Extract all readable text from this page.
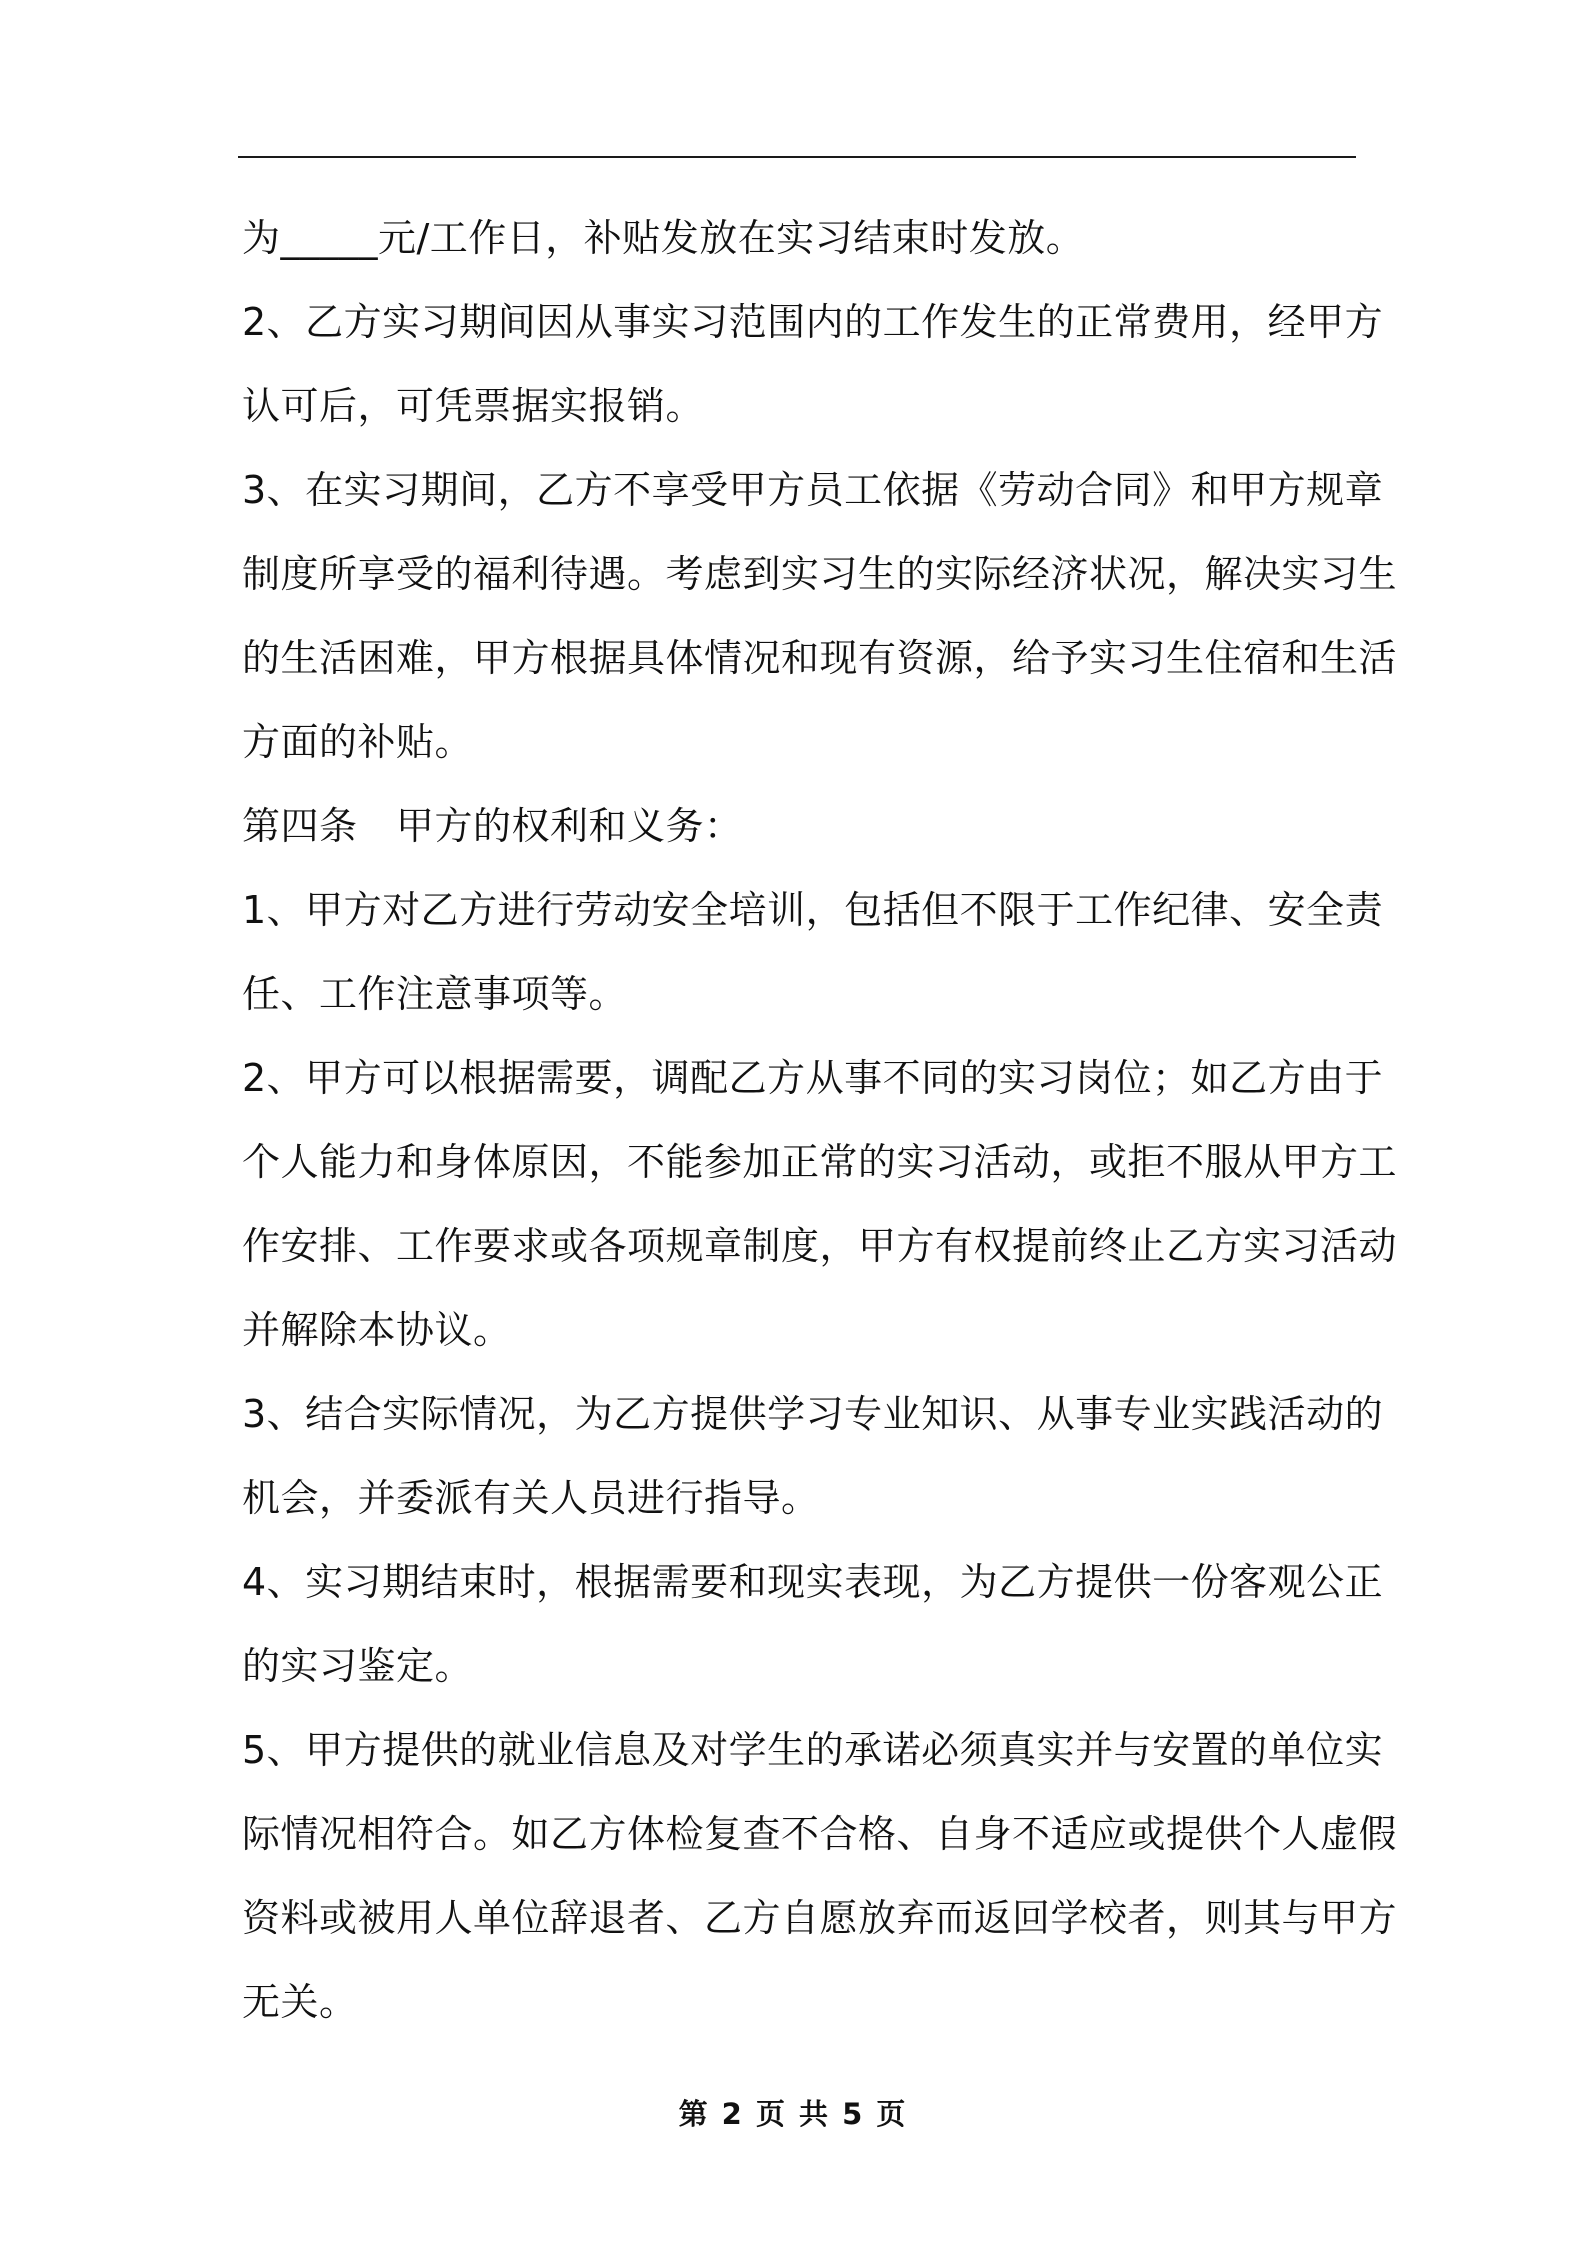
为_____元/工作日，补贴发放在实习结束时发放。
2、乙方实习期间因从事实习范围内的工作发生的正常费用，经甲方
认可后，可凭票据实报销。
3、在实习期间，乙方不享受甲方员工依据《劳动合同》和甲方规章
制度所享受的福利待遇。考虑到实习生的实际经济状况，解决实习生
的生活困难，甲方根据具体情况和现有资源，给予实习生住宿和生活
方面的补贴。
第四条　甲方的权利和义务：
1、甲方对乙方进行劳动安全培训，包括但不限于工作纪律、安全责
任、工作注意事项等。
2、甲方可以根据需要，调配乙方从事不同的实习岗位；如乙方由于
个人能力和身体原因，不能参加正常的实习活动，或拒不服从甲方工
作安排、工作要求或各项规章制度，甲方有权提前终止乙方实习活动
并解除本协议。
3、结合实际情况，为乙方提供学习专业知识、从事专业实践活动的
机会，并委派有关人员进行指导。
4、实习期结束时，根据需要和现实表现，为乙方提供一份客观公正
的实习鉴定。
5、甲方提供的就业信息及对学生的承诺必须真实并与安置的单位实
际情况相符合。如乙方体检复查不合格、自身不适应或提供个人虚假
资料或被用人单位辞退者、乙方自愿放弃而返回学校者，则其与甲方
无关。
第 2 页 共 5 页
